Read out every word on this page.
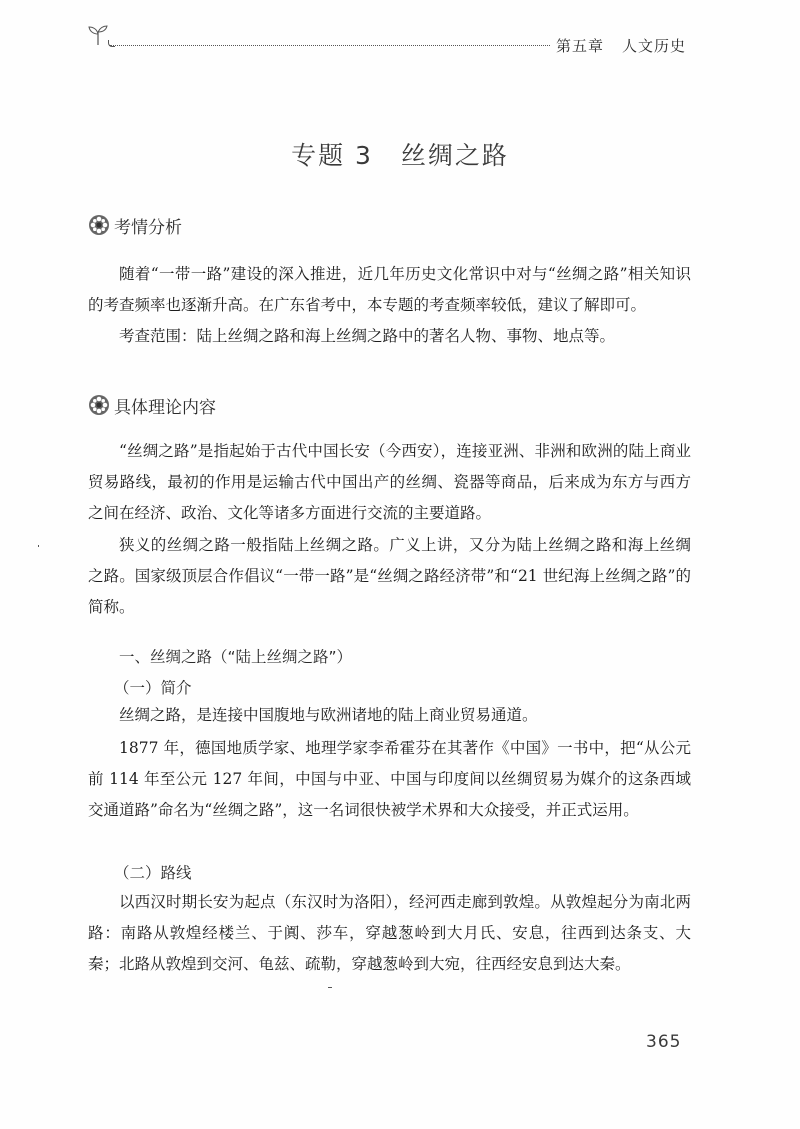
第五章 人文历史
专题 3 丝绸之路
考情分析

随着“一带一路”建设的深入推进，近几年历史文化常识中对与“丝绸之路”相关知识的考查频率也逐渐升高。在广东省考中，本专题的考查频率较低，建议了解即可。

考查范围：陆上丝绸之路和海上丝绸之路中的著名人物、事物、地点等。

具体理论内容

“丝绸之路”是指起始于古代中国长安（今西安），连接亚洲、非洲和欧洲的陆上商业贸易路线，最初的作用是运输古代中国出产的丝绸、瓷器等商品，后来成为东方与西方之间在经济、政治、文化等诸多方面进行交流的主要道路。

狭义的丝绸之路一般指陆上丝绸之路。广义上讲，又分为陆上丝绸之路和海上丝绸之路。国家级顶层合作倡议“一带一路”是“丝绸之路经济带”和“21 世纪海上丝绸之路”的简称。

一、丝绸之路（“陆上丝绸之路”）
（一）简介

丝绸之路，是连接中国腹地与欧洲诸地的陆上商业贸易通道。

1877 年，德国地质学家、地理学家李希霍芬在其著作《中国》一书中，把“从公元前 114 年至公元 127 年间，中国与中亚、中国与印度间以丝绸贸易为媒介的这条西域交通道路”命名为“丝绸之路”，这一名词很快被学术界和大众接受，并正式运用。

（二）路线

以西汉时期长安为起点（东汉时为洛阳），经河西走廊到敦煌。从敦煌起分为南北两路：南路从敦煌经楼兰、于阗、莎车，穿越葱岭到大月氏、安息，往西到达条支、大秦；北路从敦煌到交河、龟兹、疏勒，穿越葱岭到大宛，往西经安息到达大秦。

365
